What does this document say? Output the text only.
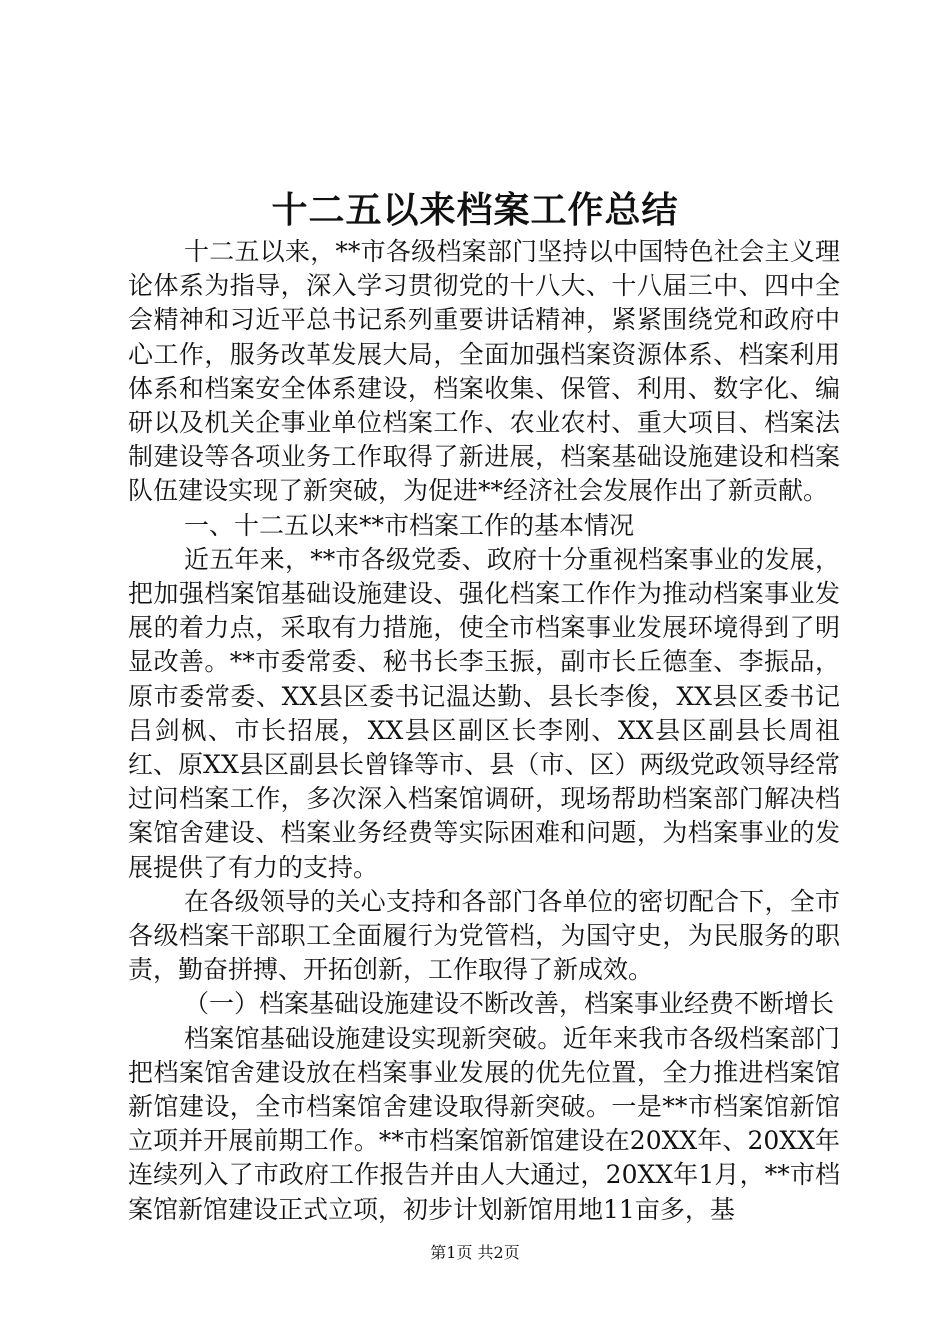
十二五以来档案工作总结

十二五以来，**市各级档案部门坚持以中国特色社会主义理论体系为指导，深入学习贯彻党的十八大、十八届三中、四中全会精神和习近平总书记系列重要讲话精神，紧紧围绕党和政府中心工作，服务改革发展大局，全面加强档案资源体系、档案利用体系和档案安全体系建设，档案收集、保管、利用、数字化、编研以及机关企事业单位档案工作、农业农村、重大项目、档案法制建设等各项业务工作取得了新进展，档案基础设施建设和档案队伍建设实现了新突破，为促进**经济社会发展作出了新贡献。

一、十二五以来**市档案工作的基本情况

近五年来，**市各级党委、政府十分重视档案事业的发展，把加强档案馆基础设施建设、强化档案工作作为推动档案事业发展的着力点，采取有力措施，使全市档案事业发展环境得到了明显改善。**市委常委、秘书长李玉振，副市长丘德奎、李振品，原市委常委、XX县区委书记温达勤、县长李俊，XX县区委书记吕剑枫、市长招展，XX县区副区长李刚、XX县区副县长周祖红、原XX县区副县长曾锋等市、县（市、区）两级党政领导经常过问档案工作，多次深入档案馆调研，现场帮助档案部门解决档案馆舍建设、档案业务经费等实际困难和问题，为档案事业的发展提供了有力的支持。

在各级领导的关心支持和各部门各单位的密切配合下，全市各级档案干部职工全面履行为党管档，为国守史，为民服务的职责，勤奋拼搏、开拓创新，工作取得了新成效。

（一）档案基础设施建设不断改善，档案事业经费不断增长

档案馆基础设施建设实现新突破。近年来我市各级档案部门把档案馆舍建设放在档案事业发展的优先位置，全力推进档案馆新馆建设，全市档案馆舍建设取得新突破。一是**市档案馆新馆立项并开展前期工作。**市档案馆新馆建设在20XX年、20XX年连续列入了市政府工作报告并由人大通过，20XX年1月，**市档案馆新馆建设正式立项，初步计划新馆用地11亩多，基

第1页 共2页
